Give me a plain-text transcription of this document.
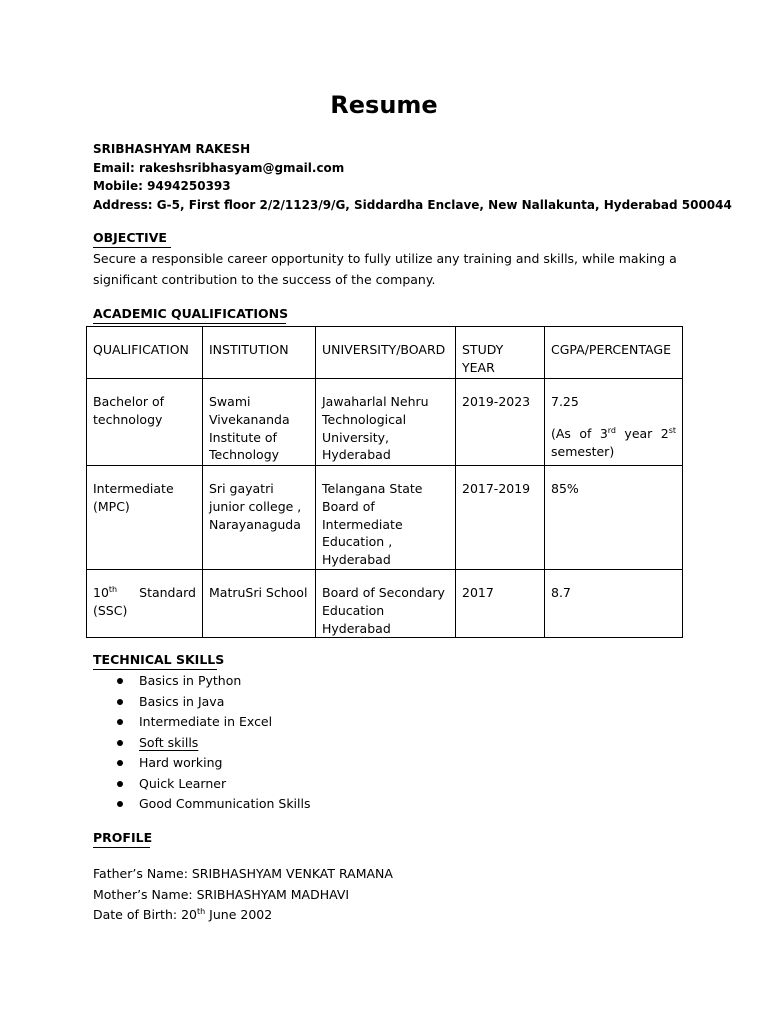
Resume
SRIBHASHYAM RAKESH
Email: rakeshsribhasyam@gmail.com
Mobile: 9494250393
Address: G-5, First floor 2/2/1123/9/G, Siddardha Enclave, New Nallakunta, Hyderabad 500044
OBJECTIVE
Secure a responsible career opportunity to fully utilize any training and skills, while making a significant contribution to the success of the company.
ACADEMIC QUALIFICATIONS
QUALIFICATION	INSTITUTION	UNIVERSITY/BOARD	STUDY YEAR	CGPA/PERCENTAGE
Bachelor of technology	Swami Vivekananda Institute of Technology	Jawaharlal Nehru Technological University, Hyderabad	2019-2023	7.25
(As of 3rd year 2st
semester)

Intermediate (MPC)	Sri gayatri junior college , Narayanaguda	Telangana State Board of Intermediate Education , Hyderabad	2017-2019	85%

10th Standard (SSC)	MatruSri School	Board of Secondary Education Hyderabad	2017	8.7
TECHNICAL SKILLS
Basics in Python
Basics in Java
Intermediate in Excel
Soft skills
Hard working
Quick Learner
Good Communication Skills
PROFILE
Father’s Name: SRIBHASHYAM VENKAT RAMANA
Mother’s Name: SRIBHASHYAM MADHAVI
Date of Birth: 20th June 2002
